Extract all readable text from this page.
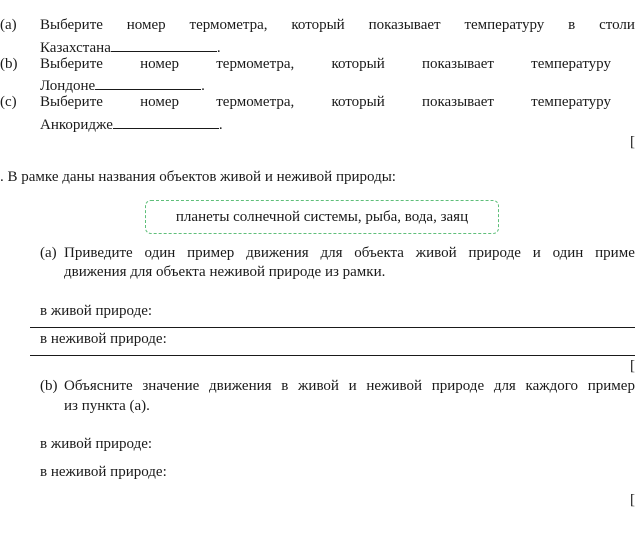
(a) Выберите номер термометра, который показывает температуру в столи
Казахстана	.
(b) Выберите номер термометра, который показывает температуру
Лондоне	.
(c) Выберите номер термометра, который показывает температуру
Анкоридже	.
[
. В рамке даны названия объектов живой и неживой природы:
планеты солнечной системы, рыба, вода, заяц
(a) Приведите один пример движения для объекта живой природе и один приме
движения для объекта неживой природе из рамки.
в живой природе:
в неживой природе:
[
(b) Объясните значение движения в живой и неживой природе для каждого пример
из пункта (a).
в живой природе:
в неживой природе:
[
